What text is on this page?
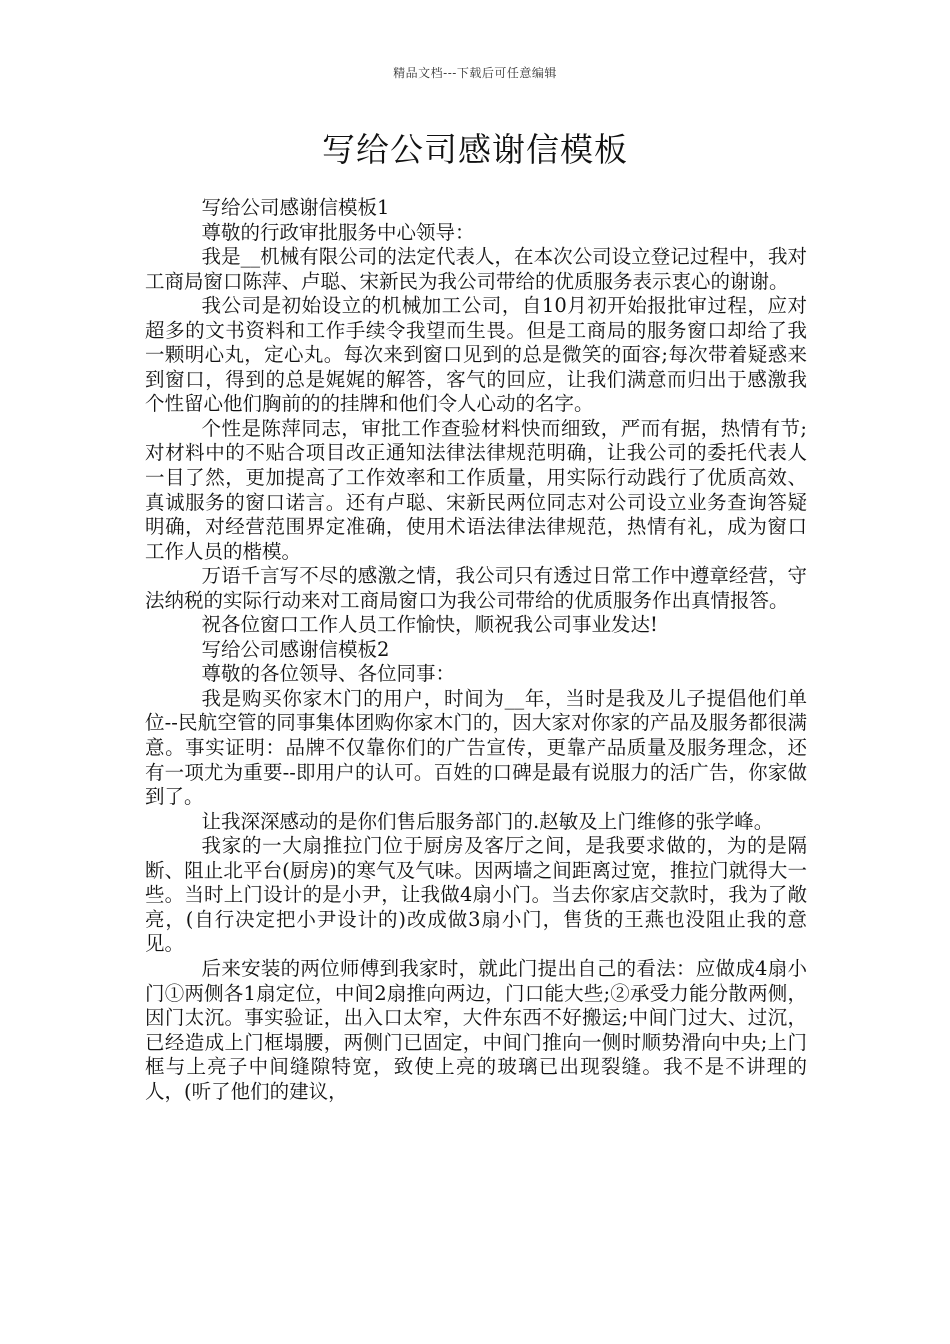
精品文档---下载后可任意编辑
写给公司感谢信模板

写给公司感谢信模板1

尊敬的行政审批服务中心领导：

我是__机械有限公司的法定代表人，在本次公司设立登记过程中，我对工商局窗口陈萍、卢聪、宋新民为我公司带给的优质服务表示衷心的谢谢。

我公司是初始设立的机械加工公司，自10月初开始报批审过程，应对超多的文书资料和工作手续令我望而生畏。但是工商局的服务窗口却给了我一颗明心丸，定心丸。每次来到窗口见到的总是微笑的面容;每次带着疑惑来到窗口，得到的总是娓娓的解答，客气的回应，让我们满意而归出于感激我个性留心他们胸前的的挂牌和他们令人心动的名字。

个性是陈萍同志，审批工作查验材料快而细致，严而有据，热情有节;对材料中的不贴合项目改正通知法律法律规范明确，让我公司的委托代表人一目了然，更加提高了工作效率和工作质量，用实际行动践行了优质高效、真诚服务的窗口诺言。还有卢聪、宋新民两位同志对公司设立业务查询答疑明确，对经营范围界定准确，使用术语法律法律规范，热情有礼，成为窗口工作人员的楷模。

万语千言写不尽的感激之情，我公司只有透过日常工作中遵章经营，守法纳税的实际行动来对工商局窗口为我公司带给的优质服务作出真情报答。

祝各位窗口工作人员工作愉快，顺祝我公司事业发达!

写给公司感谢信模板2

尊敬的各位领导、各位同事：

我是购买你家木门的用户，时间为__年，当时是我及儿子提倡他们单位--民航空管的同事集体团购你家木门的，因大家对你家的产品及服务都很满意。事实证明：品牌不仅靠你们的广告宣传，更靠产品质量及服务理念，还有一项尤为重要--即用户的认可。百姓的口碑是最有说服力的活广告，你家做到了。

让我深深感动的是你们售后服务部门的.赵敏及上门维修的张学峰。

我家的一大扇推拉门位于厨房及客厅之间，是我要求做的，为的是隔断、阻止北平台(厨房)的寒气及气味。因两墙之间距离过宽，推拉门就得大一些。当时上门设计的是小尹，让我做4扇小门。当去你家店交款时，我为了敞亮，(自行决定把小尹设计的)改成做3扇小门，售货的王燕也没阻止我的意见。

后来安装的两位师傅到我家时，就此门提出自己的看法：应做成4扇小门①两侧各1扇定位，中间2扇推向两边，门口能大些;②承受力能分散两侧，因门太沉。事实验证，出入口太窄，大件东西不好搬运;中间门过大、过沉，已经造成上门框塌腰，两侧门已固定，中间门推向一侧时顺势滑向中央;上门框与上亮子中间缝隙特宽，致使上亮的玻璃已出现裂缝。我不是不讲理的人，(听了他们的建议，
